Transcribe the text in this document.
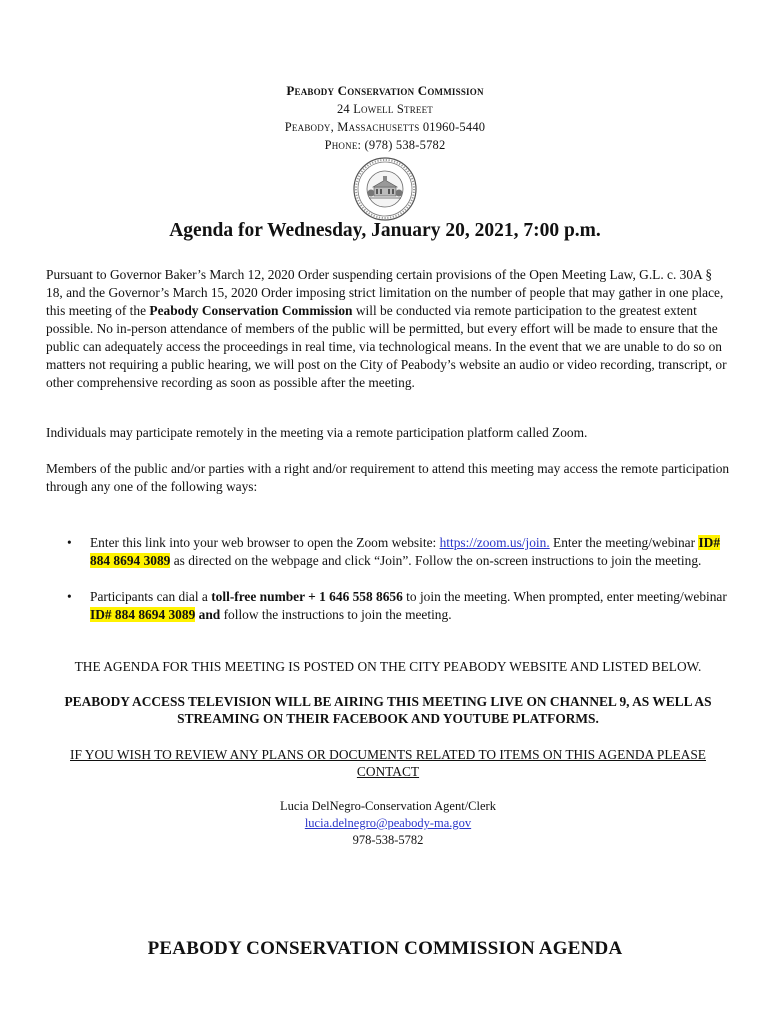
Peabody Conservation Commission
24 Lowell Street
Peabody, Massachusetts 01960-5440
Phone: (978) 538-5782
Agenda for Wednesday, January 20, 2021, 7:00 p.m.

Pursuant to Governor Baker’s March 12, 2020 Order suspending certain provisions of the Open Meeting Law, G.L. c. 30A § 18, and the Governor’s March 15, 2020 Order imposing strict limitation on the number of people that may gather in one place, this meeting of the Peabody Conservation Commission will be conducted via remote participation to the greatest extent possible. No in-person attendance of members of the public will be permitted, but every effort will be made to ensure that the public can adequately access the proceedings in real time, via technological means. In the event that we are unable to do so on matters not requiring a public hearing, we will post on the City of Peabody’s website an audio or video recording, transcript, or other comprehensive recording as soon as possible after the meeting.

Individuals may participate remotely in the meeting via a remote participation platform called Zoom.

Members of the public and/or parties with a right and/or requirement to attend this meeting may access the remote participation through any one of the following ways:

• Enter this link into your web browser to open the Zoom website: https://zoom.us/join. Enter the meeting/webinar ID# 884 8694 3089 as directed on the webpage and click “Join”. Follow the on-screen instructions to join the meeting.
• Participants can dial a toll-free number + 1 646 558 8656 to join the meeting. When prompted, enter meeting/webinar ID# 884 8694 3089 and follow the instructions to join the meeting.

THE AGENDA FOR THIS MEETING IS POSTED ON THE CITY PEABODY WEBSITE AND LISTED BELOW.

PEABODY ACCESS TELEVISION WILL BE AIRING THIS MEETING LIVE ON CHANNEL 9, AS WELL AS STREAMING ON THEIR FACEBOOK AND YOUTUBE PLATFORMS.

IF YOU WISH TO REVIEW ANY PLANS OR DOCUMENTS RELATED TO ITEMS ON THIS AGENDA PLEASE CONTACT

Lucia DelNegro-Conservation Agent/Clerk
lucia.delnegro@peabody-ma.gov
978-538-5782
PEABODY CONSERVATION COMMISSION AGENDA
